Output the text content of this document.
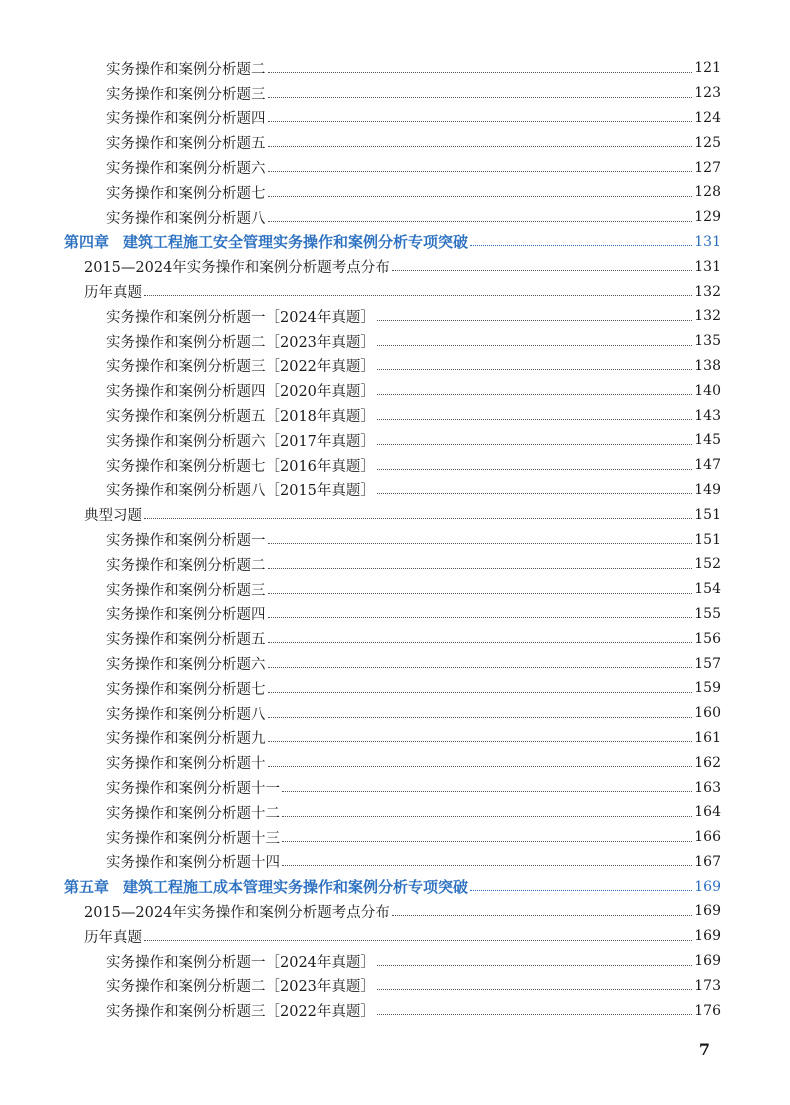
实务操作和案例分析题二	121
实务操作和案例分析题三	123
实务操作和案例分析题四	124
实务操作和案例分析题五	125
实务操作和案例分析题六	127
实务操作和案例分析题七	128
实务操作和案例分析题八	129
第四章 建筑工程施工安全管理实务操作和案例分析专项突破	131
2015—2024年实务操作和案例分析题考点分布	131
历年真题	132
实务操作和案例分析题一［2024年真题］	132
实务操作和案例分析题二［2023年真题］	135
实务操作和案例分析题三［2022年真题］	138
实务操作和案例分析题四［2020年真题］	140
实务操作和案例分析题五［2018年真题］	143
实务操作和案例分析题六［2017年真题］	145
实务操作和案例分析题七［2016年真题］	147
实务操作和案例分析题八［2015年真题］	149
典型习题	151
实务操作和案例分析题一	151
实务操作和案例分析题二	152
实务操作和案例分析题三	154
实务操作和案例分析题四	155
实务操作和案例分析题五	156
实务操作和案例分析题六	157
实务操作和案例分析题七	159
实务操作和案例分析题八	160
实务操作和案例分析题九	161
实务操作和案例分析题十	162
实务操作和案例分析题十一	163
实务操作和案例分析题十二	164
实务操作和案例分析题十三	166
实务操作和案例分析题十四	167
第五章 建筑工程施工成本管理实务操作和案例分析专项突破	169
2015—2024年实务操作和案例分析题考点分布	169
历年真题	169
实务操作和案例分析题一［2024年真题］	169
实务操作和案例分析题二［2023年真题］	173
实务操作和案例分析题三［2022年真题］	176
7
